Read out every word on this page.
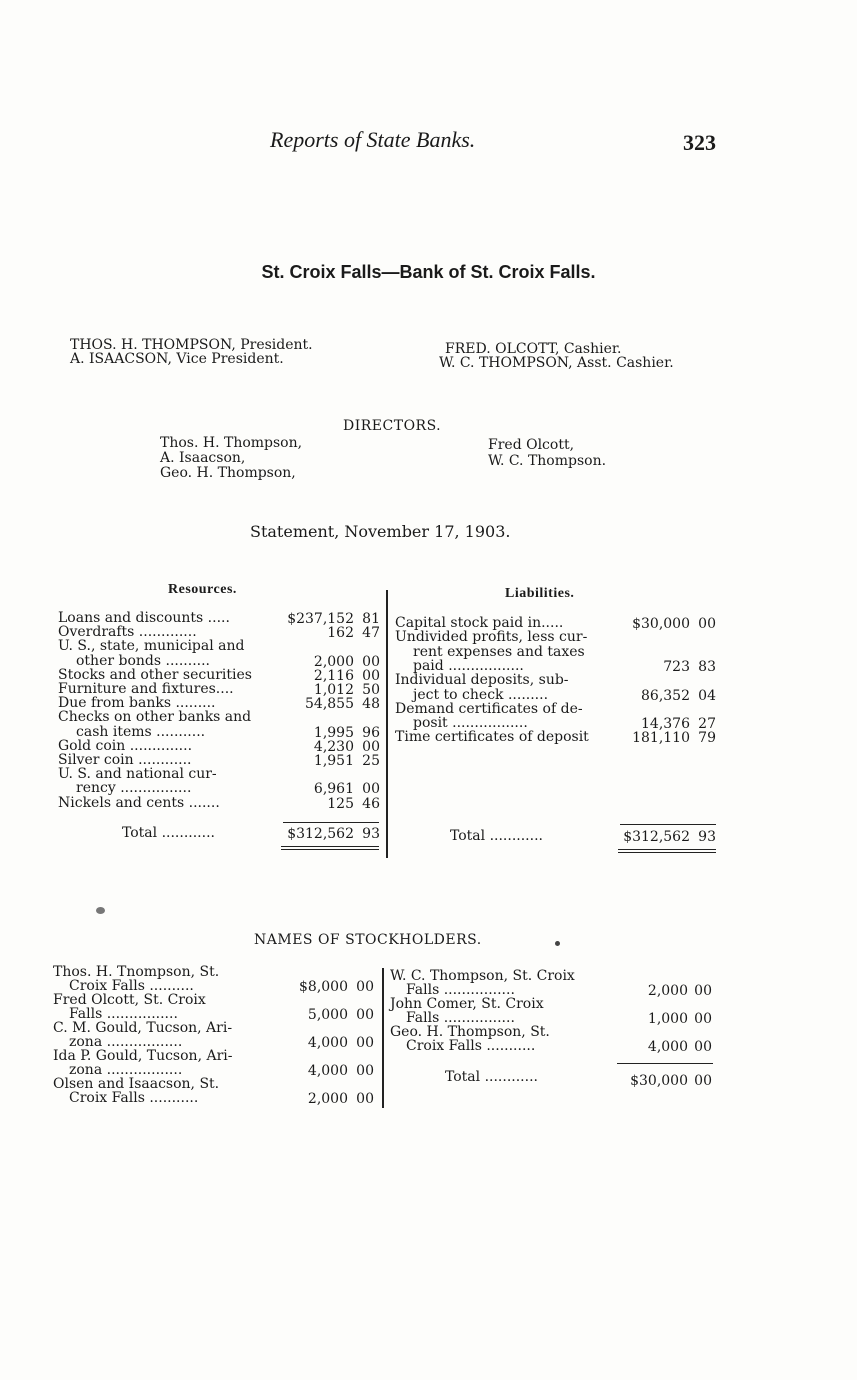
Reports of State Banks.	323
St. Croix Falls—Bank of St. Croix Falls.
THOS. H. THOMPSON, President.
A. ISAACSON, Vice President.
FRED. OLCOTT, Cashier.
W. C. THOMPSON, Asst. Cashier.
DIRECTORS.
Thos. H. Thompson,
A. Isaacson,
Geo. H. Thompson,
Fred Olcott,
W. C. Thompson.
Statement, November 17, 1903.
Resources.	Liabilities.
Loans and discounts .....	$237,152 81
Overdrafts .............	162 47
U. S., state, municipal and
other bonds ..........	2,000 00
Stocks and other securities	2,116 00
Furniture and fixtures....	1,012 50
Due from banks .........	54,855 48
Checks on other banks and
cash items ...........	1,995 96
Gold coin ..............	4,230 00
Silver coin ............	1,951 25
U. S. and national cur-
rency ................	6,961 00
Nickels and cents .......	125 46
Capital stock paid in.....	$30,000 00
Undivided profits, less cur-
rent expenses and taxes
paid .................	723 83
Individual deposits, sub-
ject to check .........	86,352 04
Demand certificates of de-
posit .................	14,376 27
Time certificates of deposit	181,110 79
Total ............	$312,562 93	Total ............	$312,562 93
NAMES OF STOCKHOLDERS.
Thos. H. Tnompson, St.
Croix Falls ..........	$8,000 00
Fred Olcott, St. Croix
Falls ................	5,000 00
C. M. Gould, Tucson, Ari-
zona .................	4,000 00
Ida P. Gould, Tucson, Ari-
zona .................	4,000 00
Olsen and Isaacson, St.
Croix Falls ...........	2,000 00
W. C. Thompson, St. Croix
Falls ................	2,000 00
John Comer, St. Croix
Falls ................	1,000 00
Geo. H. Thompson, St.
Croix Falls ...........	4,000 00
Total ............	$30,000 00
